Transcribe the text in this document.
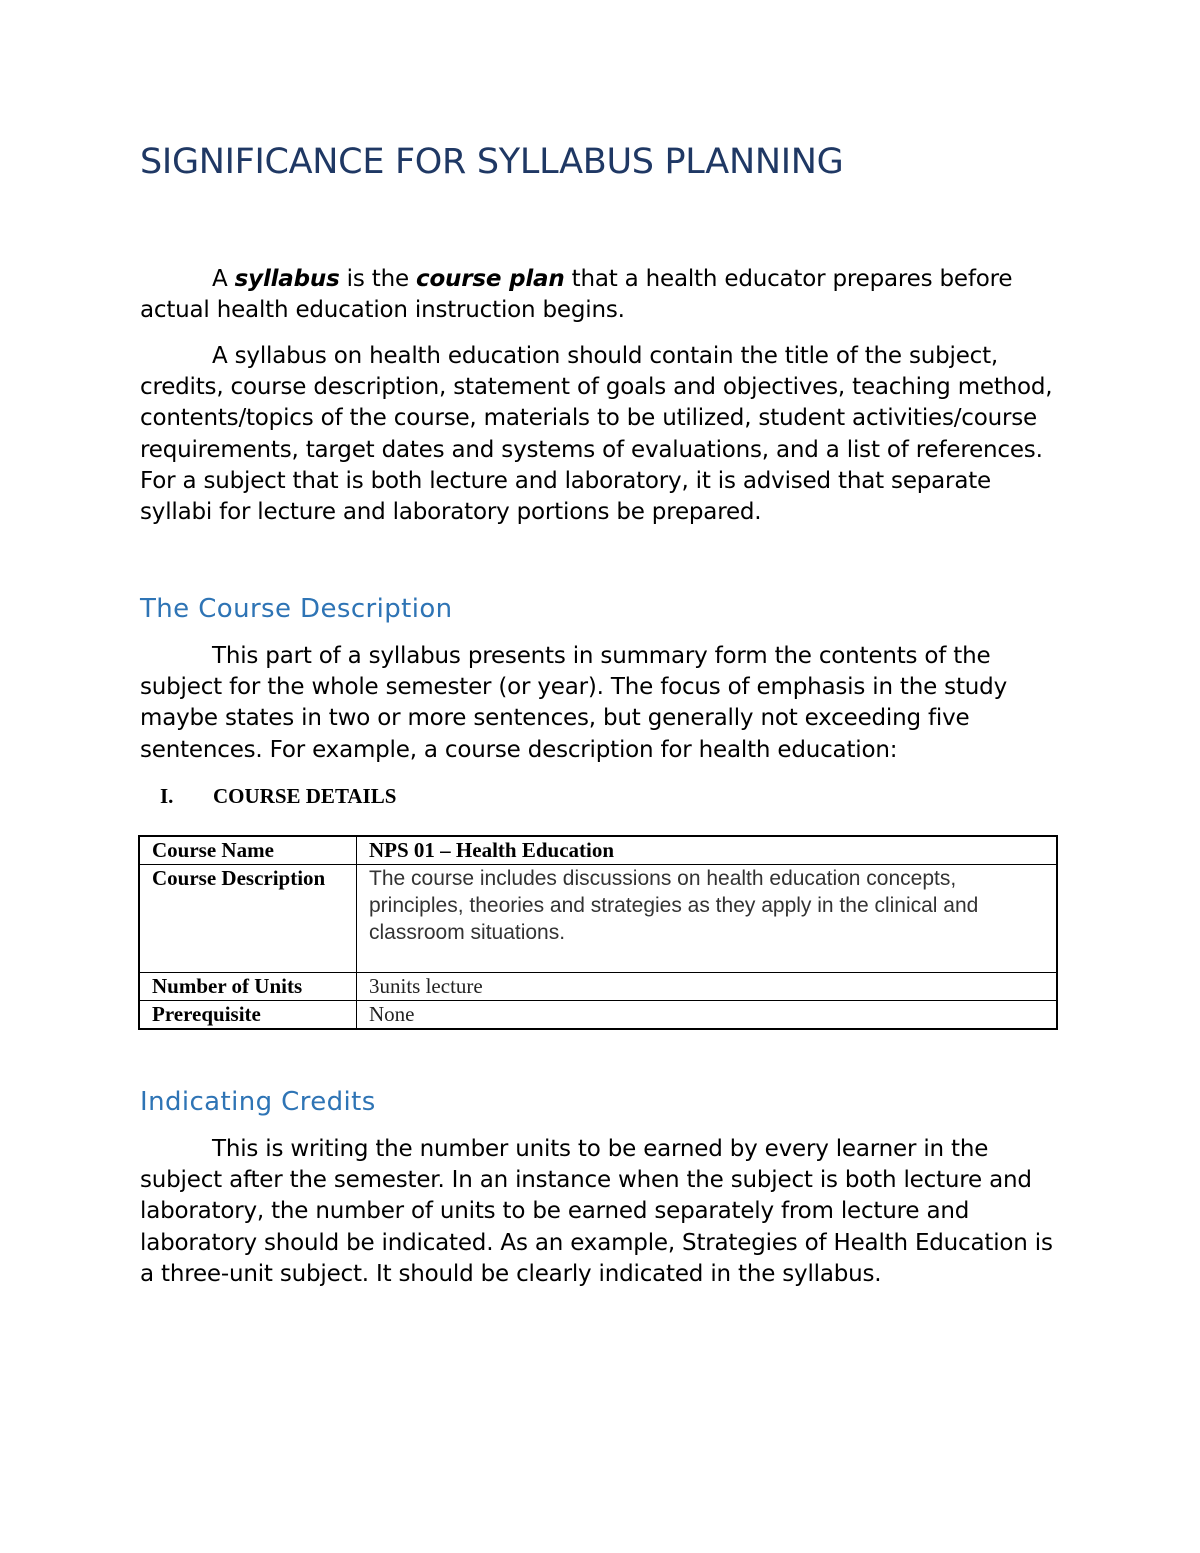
SIGNIFICANCE FOR SYLLABUS PLANNING

A syllabus is the course plan that a health educator prepares before actual health education instruction begins.

A syllabus on health education should contain the title of the subject, credits, course description, statement of goals and objectives, teaching method, contents/topics of the course, materials to be utilized, student activities/course requirements, target dates and systems of evaluations, and a list of references. For a subject that is both lecture and laboratory, it is advised that separate syllabi for lecture and laboratory portions be prepared.

The Course Description

This part of a syllabus presents in summary form the contents of the subject for the whole semester (or year). The focus of emphasis in the study maybe states in two or more sentences, but generally not exceeding five sentences. For example, a course description for health education:

I. COURSE DETAILS
Course Name	NPS 01 – Health Education
Course Description	The course includes discussions on health education concepts, principles, theories and strategies as they apply in the clinical and
classroom situations.
Number of Units	3units lecture
Prerequisite	None
Indicating Credits

This is writing the number units to be earned by every learner in the subject after the semester. In an instance when the subject is both lecture and laboratory, the number of units to be earned separately from lecture and laboratory should be indicated. As an example, Strategies of Health Education is a three-unit subject. It should be clearly indicated in the syllabus.
